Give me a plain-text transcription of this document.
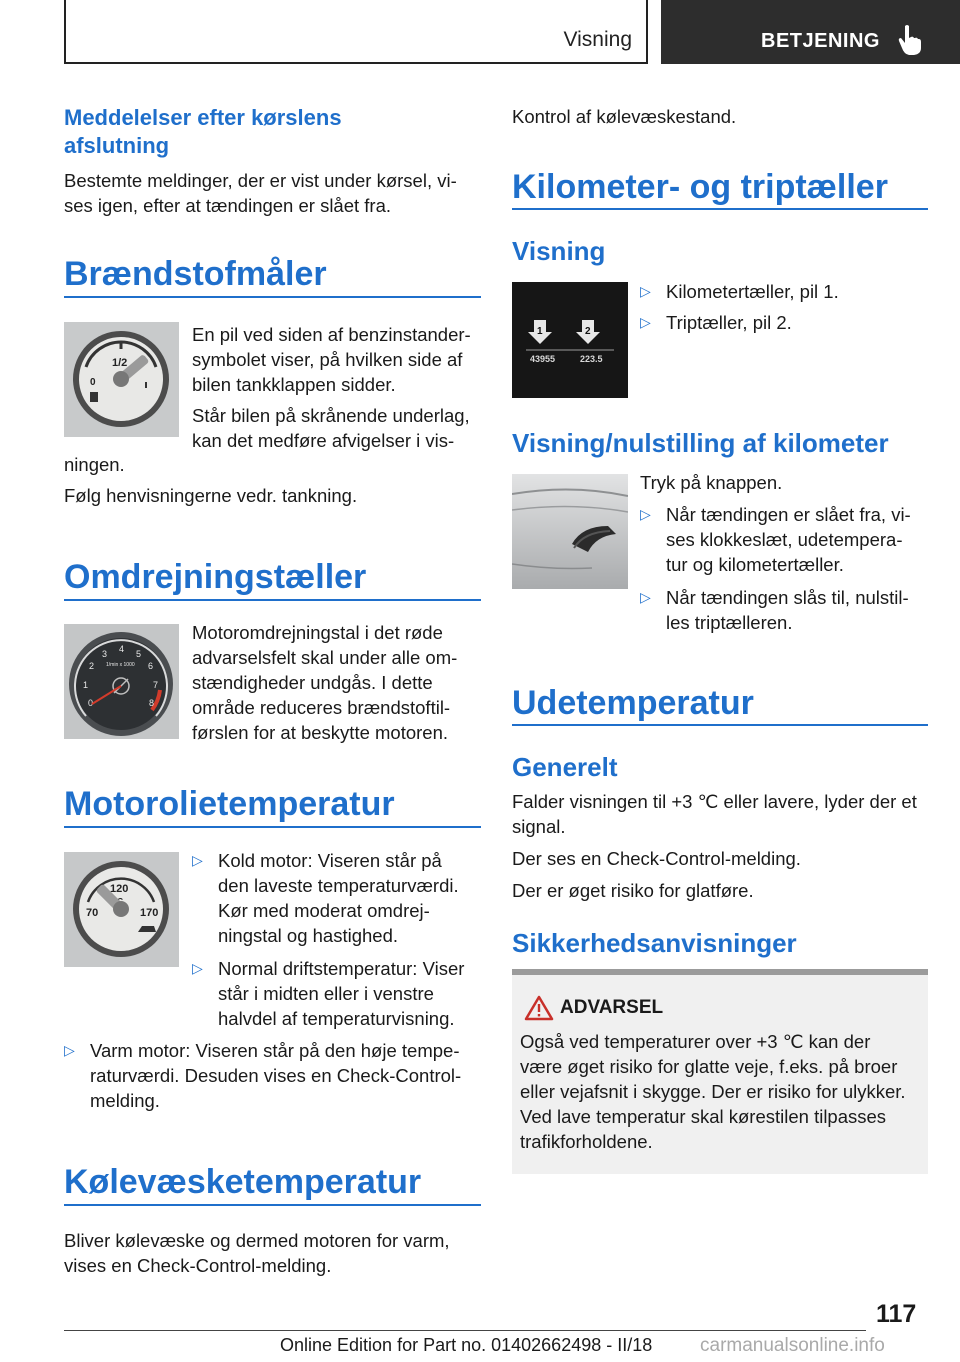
Visning	BETJENING
Meddelelser efter kørslens
afslutning
Bestemte meldinger, der er vist under kørsel, vi-
ses igen, efter at tændingen er slået fra.
Brændstofmåler
1/2
0
En pil ved siden af benzinstander-
symbolet viser, på hvilken side af
bilen tankklappen sidder.
Står bilen på skrånende underlag,
kan det medføre afvigelser i vis-
ningen.
Følg henvisningerne vedr. tankning.
Omdrejningstæller
0
1
2
3 4 5
6
7
8
1/min x 1000
Motoromdrejningstal i det røde
advarselsfelt skal under alle om-
stændigheder undgås. I dette
område reduceres brændstoftil-
førslen for at beskytte motoren.
Motorolietemperatur
120
70	170
▷ Kold motor: Viseren står på
den laveste temperaturværdi.
Kør med moderat omdrej-
ningstal og hastighed.
▷ Normal driftstemperatur: Viser
står i midten eller i venstre
halvdel af temperaturvisning.
▷ Varm motor: Viseren står på den høje tempe-
raturværdi. Desuden vises en Check-Control-
melding.
Kølevæsketemperatur
Bliver kølevæske og dermed motoren for varm,
vises en Check-Control-melding.
Kontrol af kølevæskestand.
Kilometer- og triptæller
Visning
1	2
43955	223.5
▷ Kilometertæller, pil 1.
▷ Triptæller, pil 2.
Visning/nulstilling af kilometer
Tryk på knappen.
▷ Når tændingen er slået fra, vi-
ses klokkeslæt, udetempera-
tur og kilometertæller.
▷ Når tændingen slås til, nulstil-
les triptælleren.
Udetemperatur
Generelt
Falder visningen til +3 ℃ eller lavere, lyder der et
signal.
Der ses en Check-Control-melding.
Der er øget risiko for glatføre.
Sikkerhedsanvisninger
ADVARSEL
Også ved temperaturer over +3 ℃ kan der
være øget risiko for glatte veje, f.eks. på broer
eller vejafsnit i skygge. Der er risiko for ulykker.
Ved lave temperatur skal kørestilen tilpasses
trafikforholdene.
117
Online Edition for Part no. 01402662498 - II/18	carmanualsonline.info
